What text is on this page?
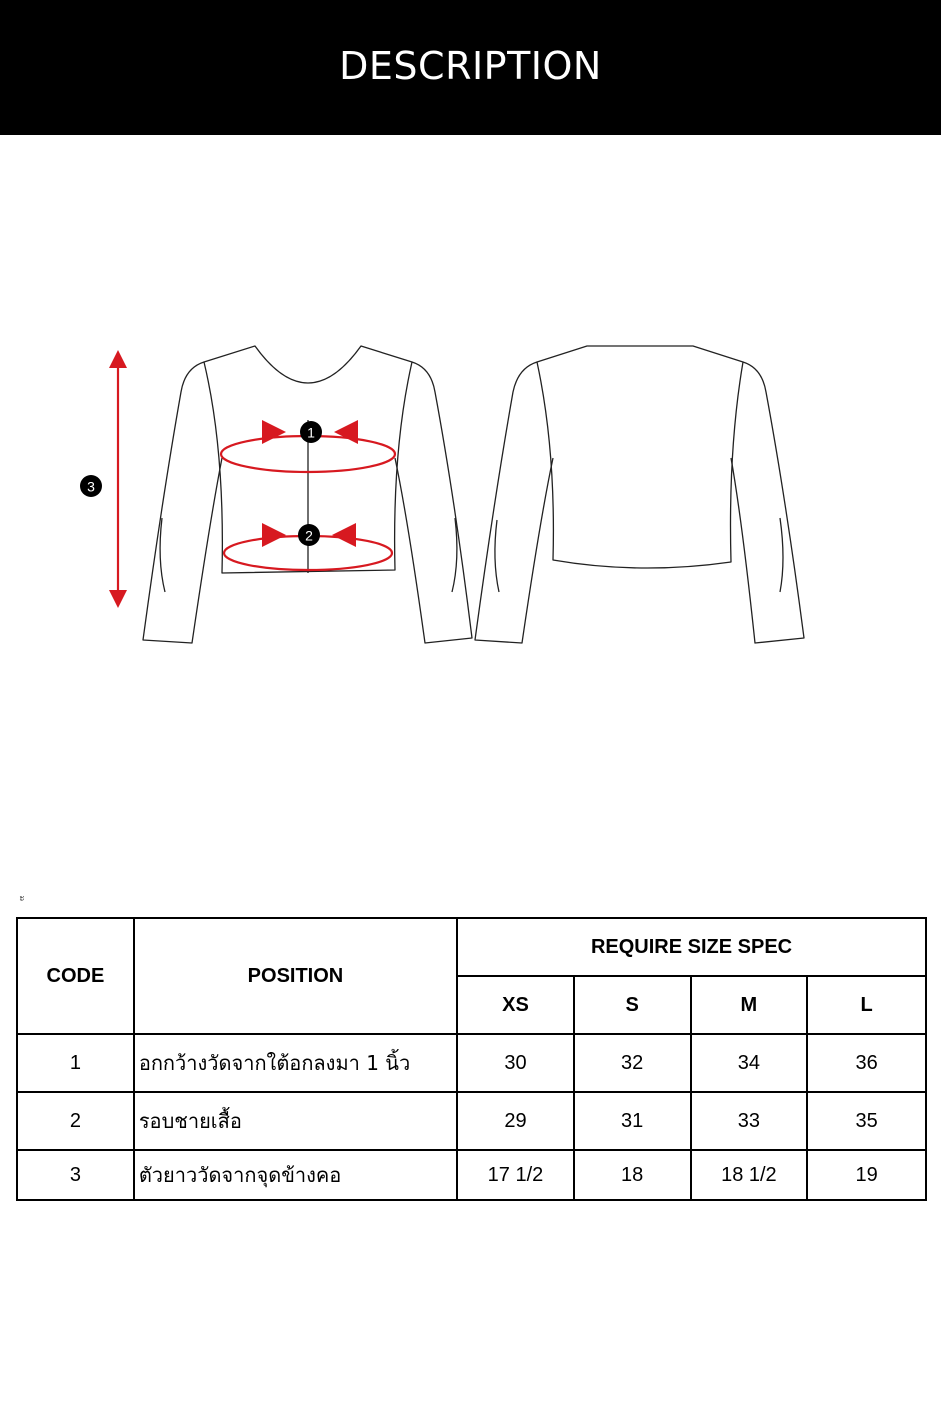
DESCRIPTION
1
2
3
ะ
CODE	POSITION	REQUIRE SIZE SPEC			
		XS	S	M	L
1	อกกว้างวัดจากใต้อกลงมา 1 นิ้ว	30	32	34	36
2	รอบชายเสื้อ	29	31	33	35
3	ตัวยาววัดจากจุดข้างคอ	17 1/2	18	18 1/2	19
